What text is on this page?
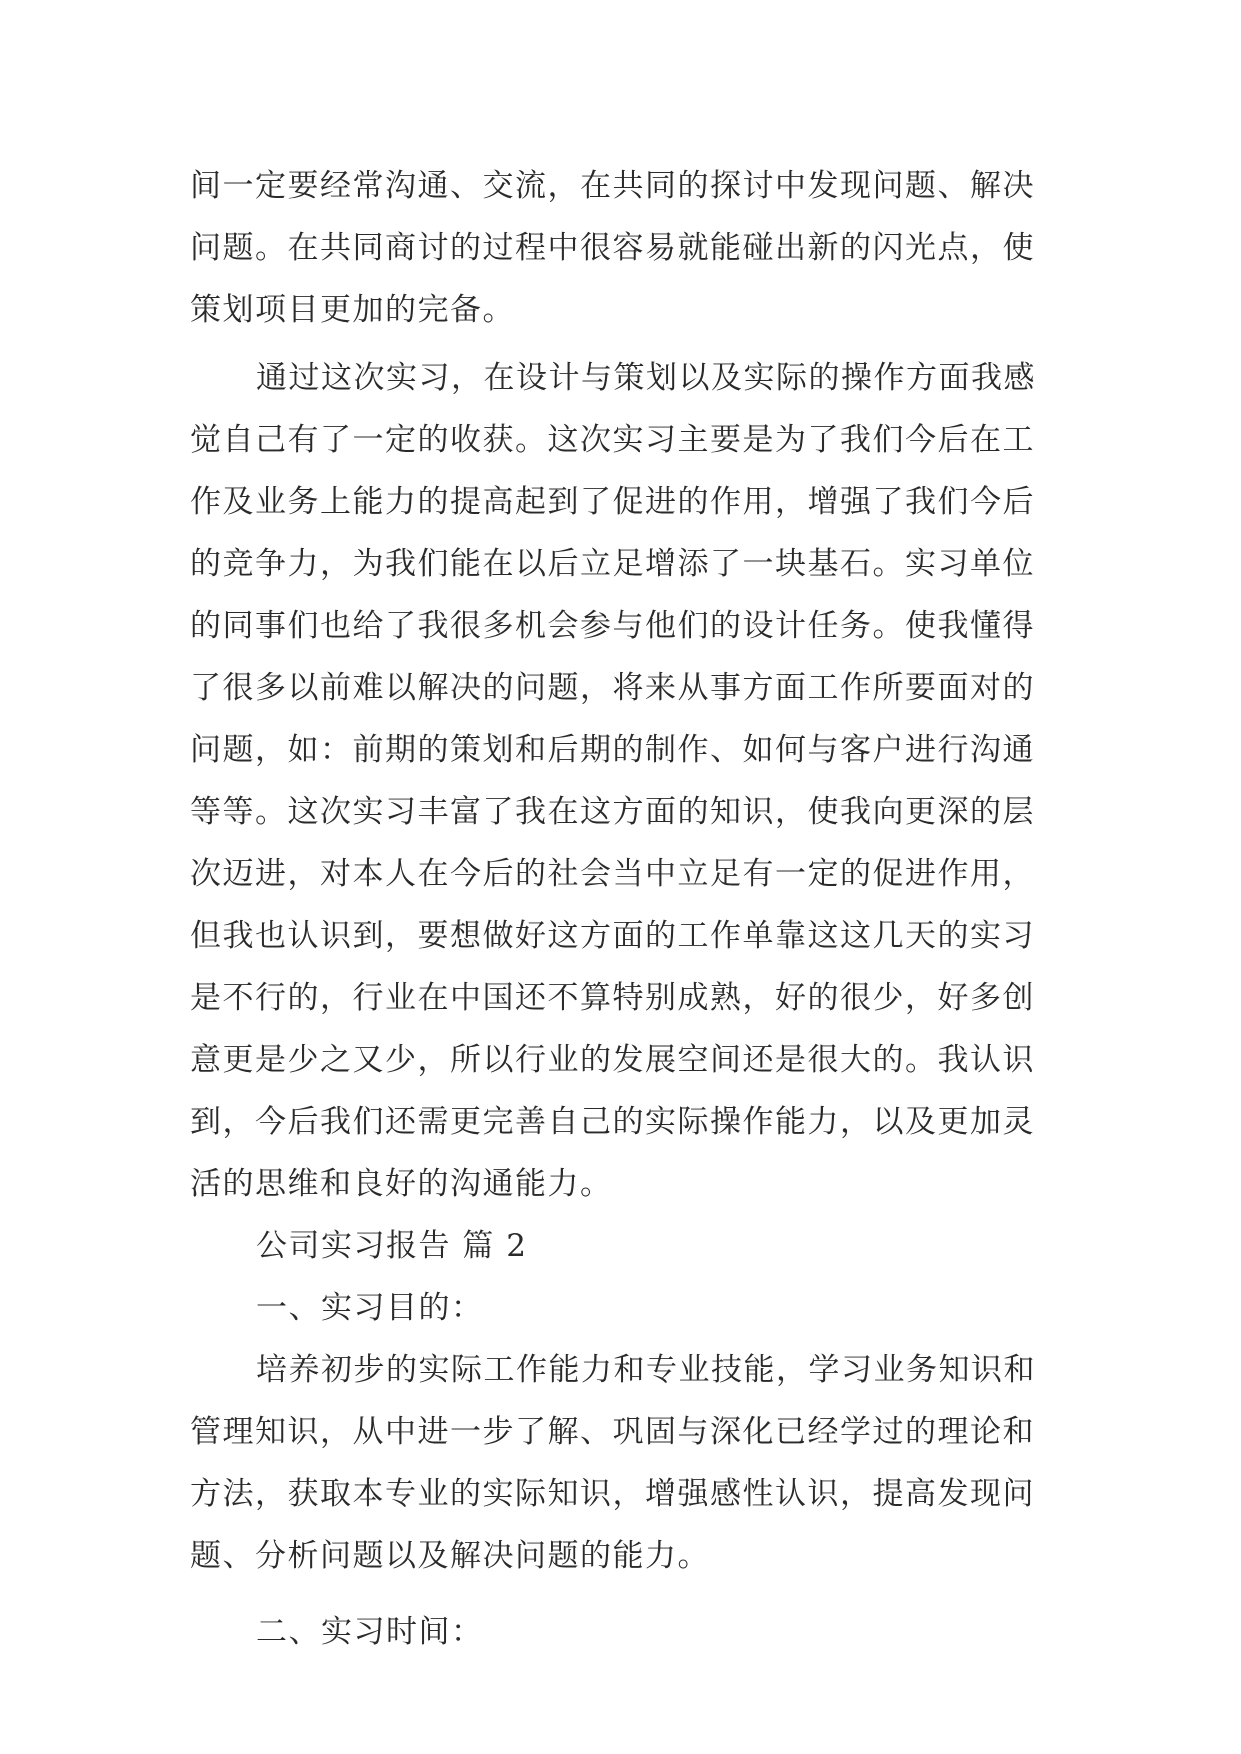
间一定要经常沟通、交流，在共同的探讨中发现问题、解决
问题。在共同商讨的过程中很容易就能碰出新的闪光点，使
策划项目更加的完备。
通过这次实习，在设计与策划以及实际的操作方面我感
觉自己有了一定的收获。这次实习主要是为了我们今后在工
作及业务上能力的提高起到了促进的作用，增强了我们今后
的竞争力，为我们能在以后立足增添了一块基石。实习单位
的同事们也给了我很多机会参与他们的设计任务。使我懂得
了很多以前难以解决的问题，将来从事方面工作所要面对的
问题，如：前期的策划和后期的制作、如何与客户进行沟通
等等。这次实习丰富了我在这方面的知识，使我向更深的层
次迈进，对本人在今后的社会当中立足有一定的促进作用，
但我也认识到，要想做好这方面的工作单靠这这几天的实习
是不行的，行业在中国还不算特别成熟，好的很少，好多创
意更是少之又少，所以行业的发展空间还是很大的。我认识
到，今后我们还需更完善自己的实际操作能力，以及更加灵
活的思维和良好的沟通能力。
公司实习报告 篇 2
一、实习目的：
培养初步的实际工作能力和专业技能，学习业务知识和
管理知识，从中进一步了解、巩固与深化已经学过的理论和
方法，获取本专业的实际知识，增强感性认识，提高发现问
题、分析问题以及解决问题的能力。
二、实习时间：
